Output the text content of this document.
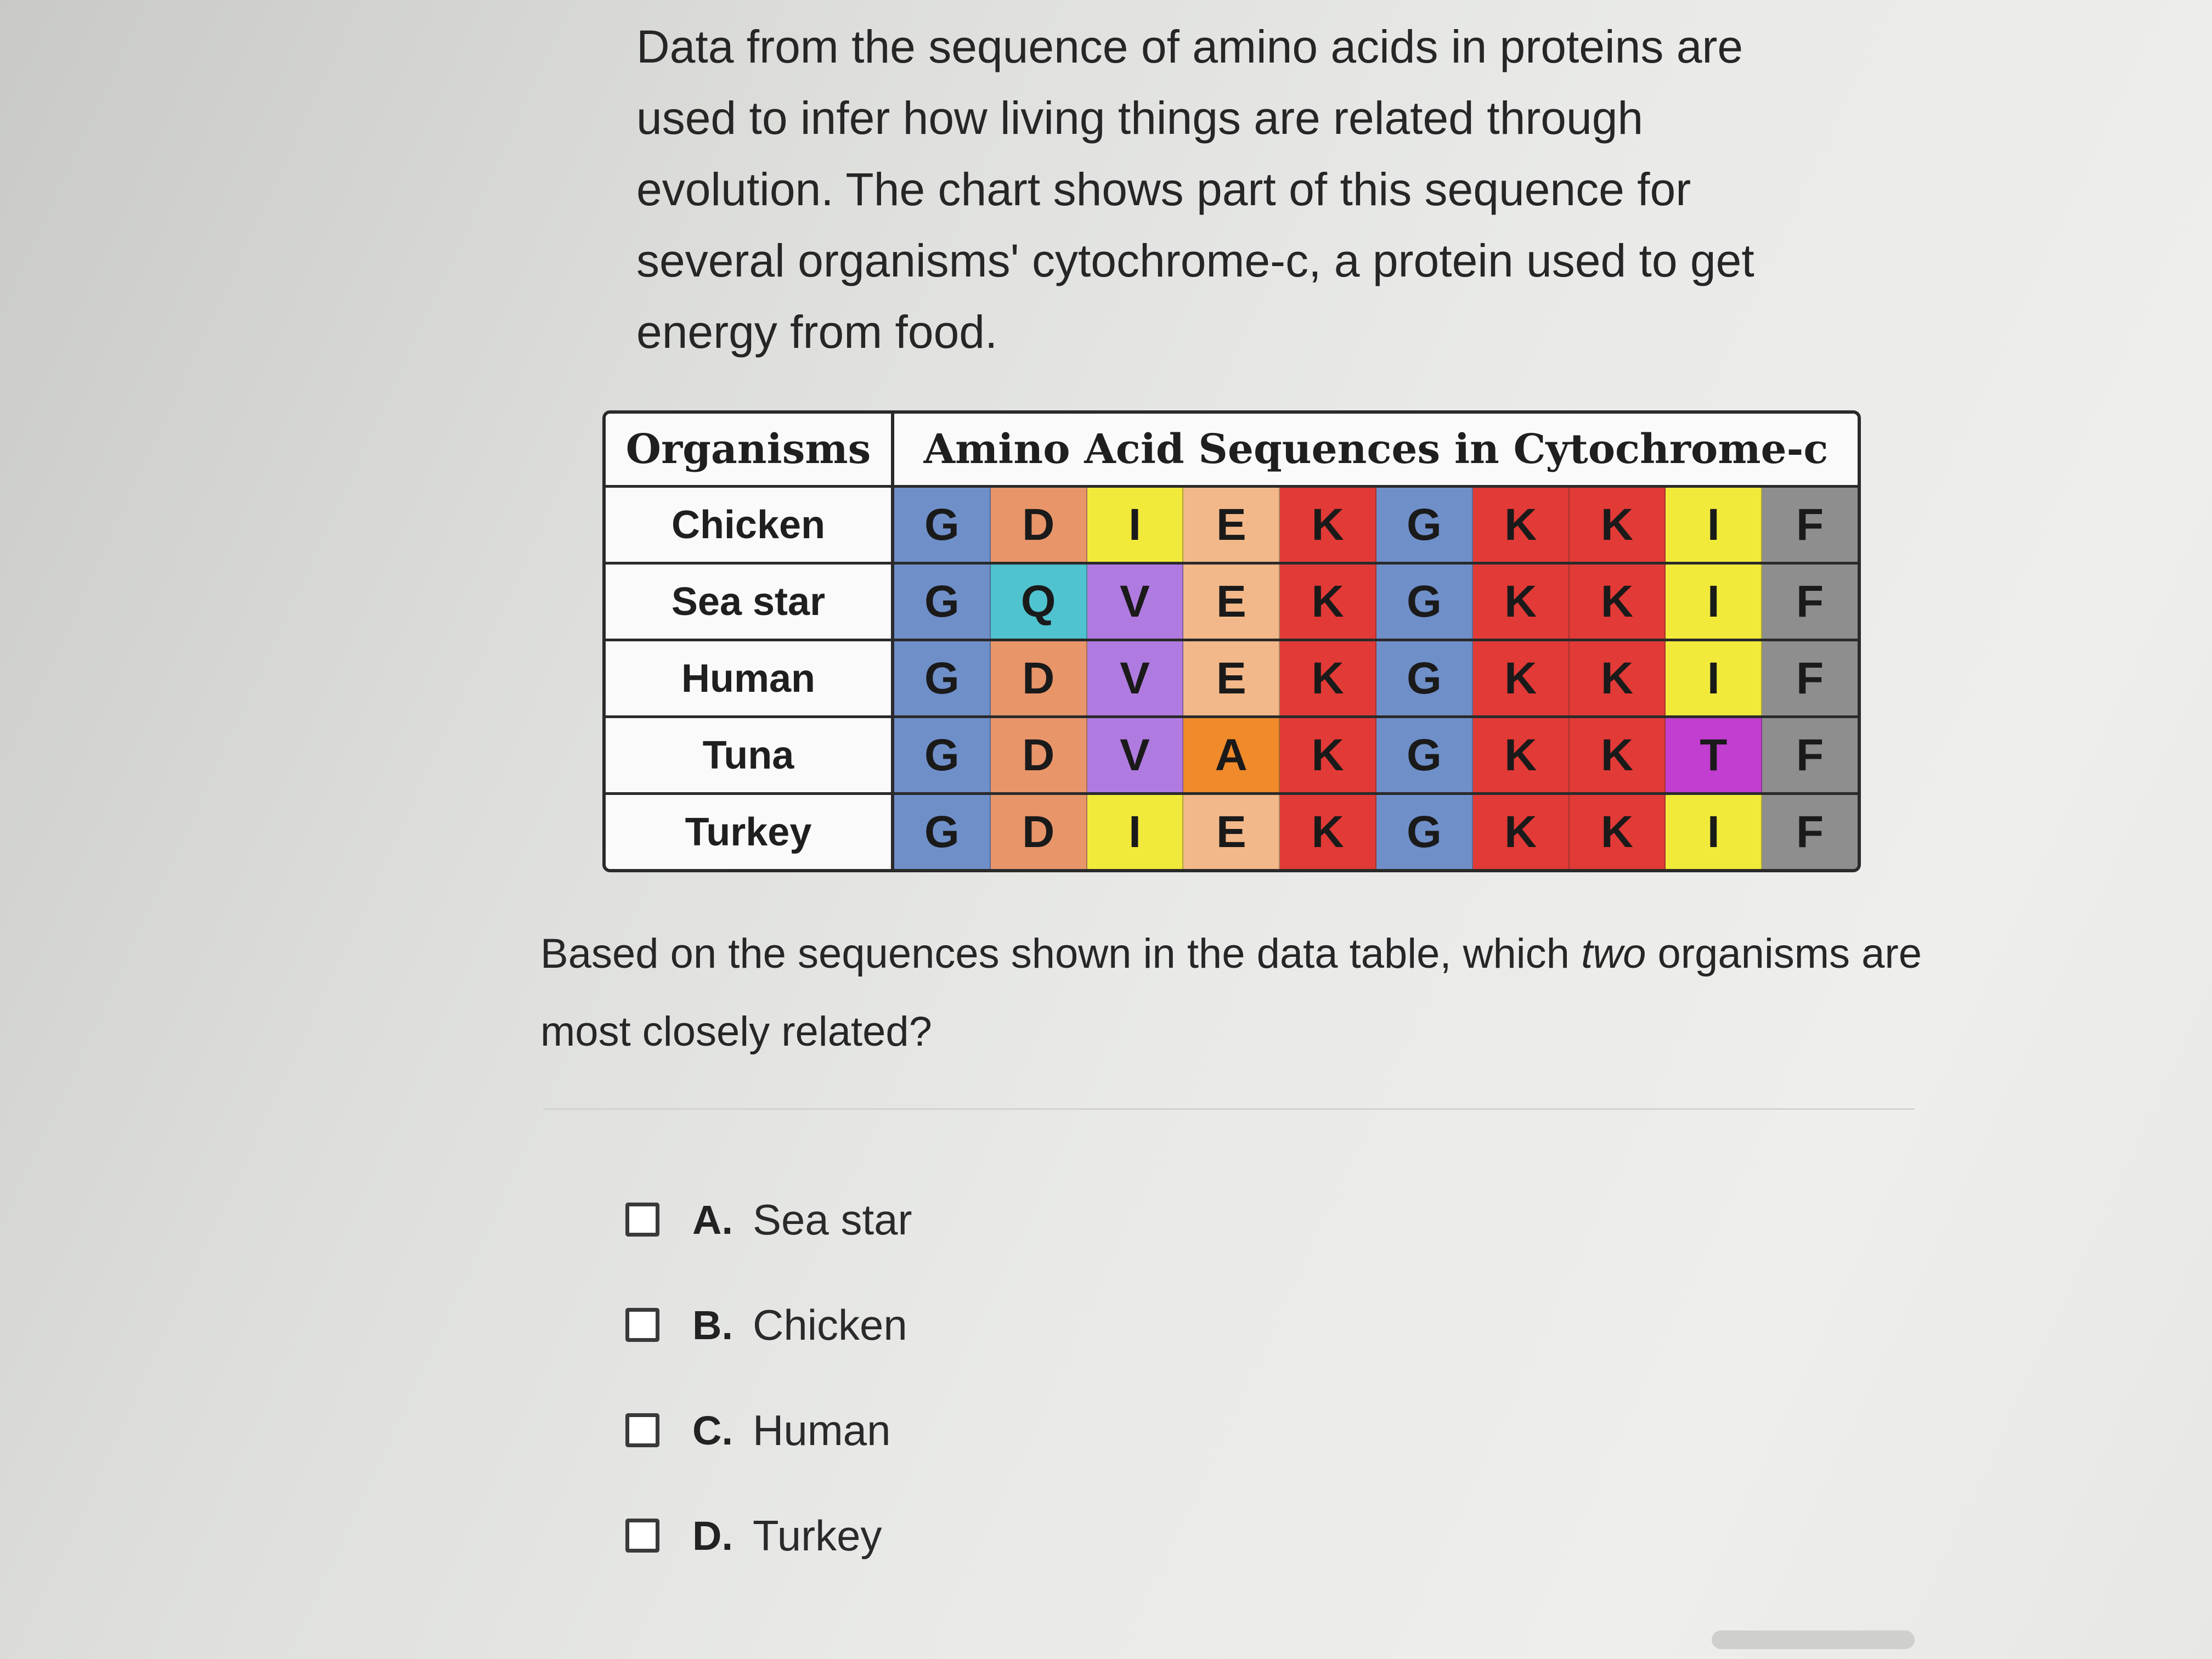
Data from the sequence of amino acids in proteins are
used to infer how living things are related through
evolution. The chart shows part of this sequence for
several organisms' cytochrome-c, a protein used to get
energy from food.
Organisms	Amino Acid Sequences in Cytochrome-c
Chicken	G	D	I	E	K	G	K	K	I	F
Sea star	G	Q	V	E	K	G	K	K	I	F
Human	G	D	V	E	K	G	K	K	I	F
Tuna	G	D	V	A	K	G	K	K	T	F
Turkey	G	D	I	E	K	G	K	K	I	F
Based on the sequences shown in the data table, which two organisms are
most closely related?
A. Sea star
B. Chicken
C. Human
D. Turkey
